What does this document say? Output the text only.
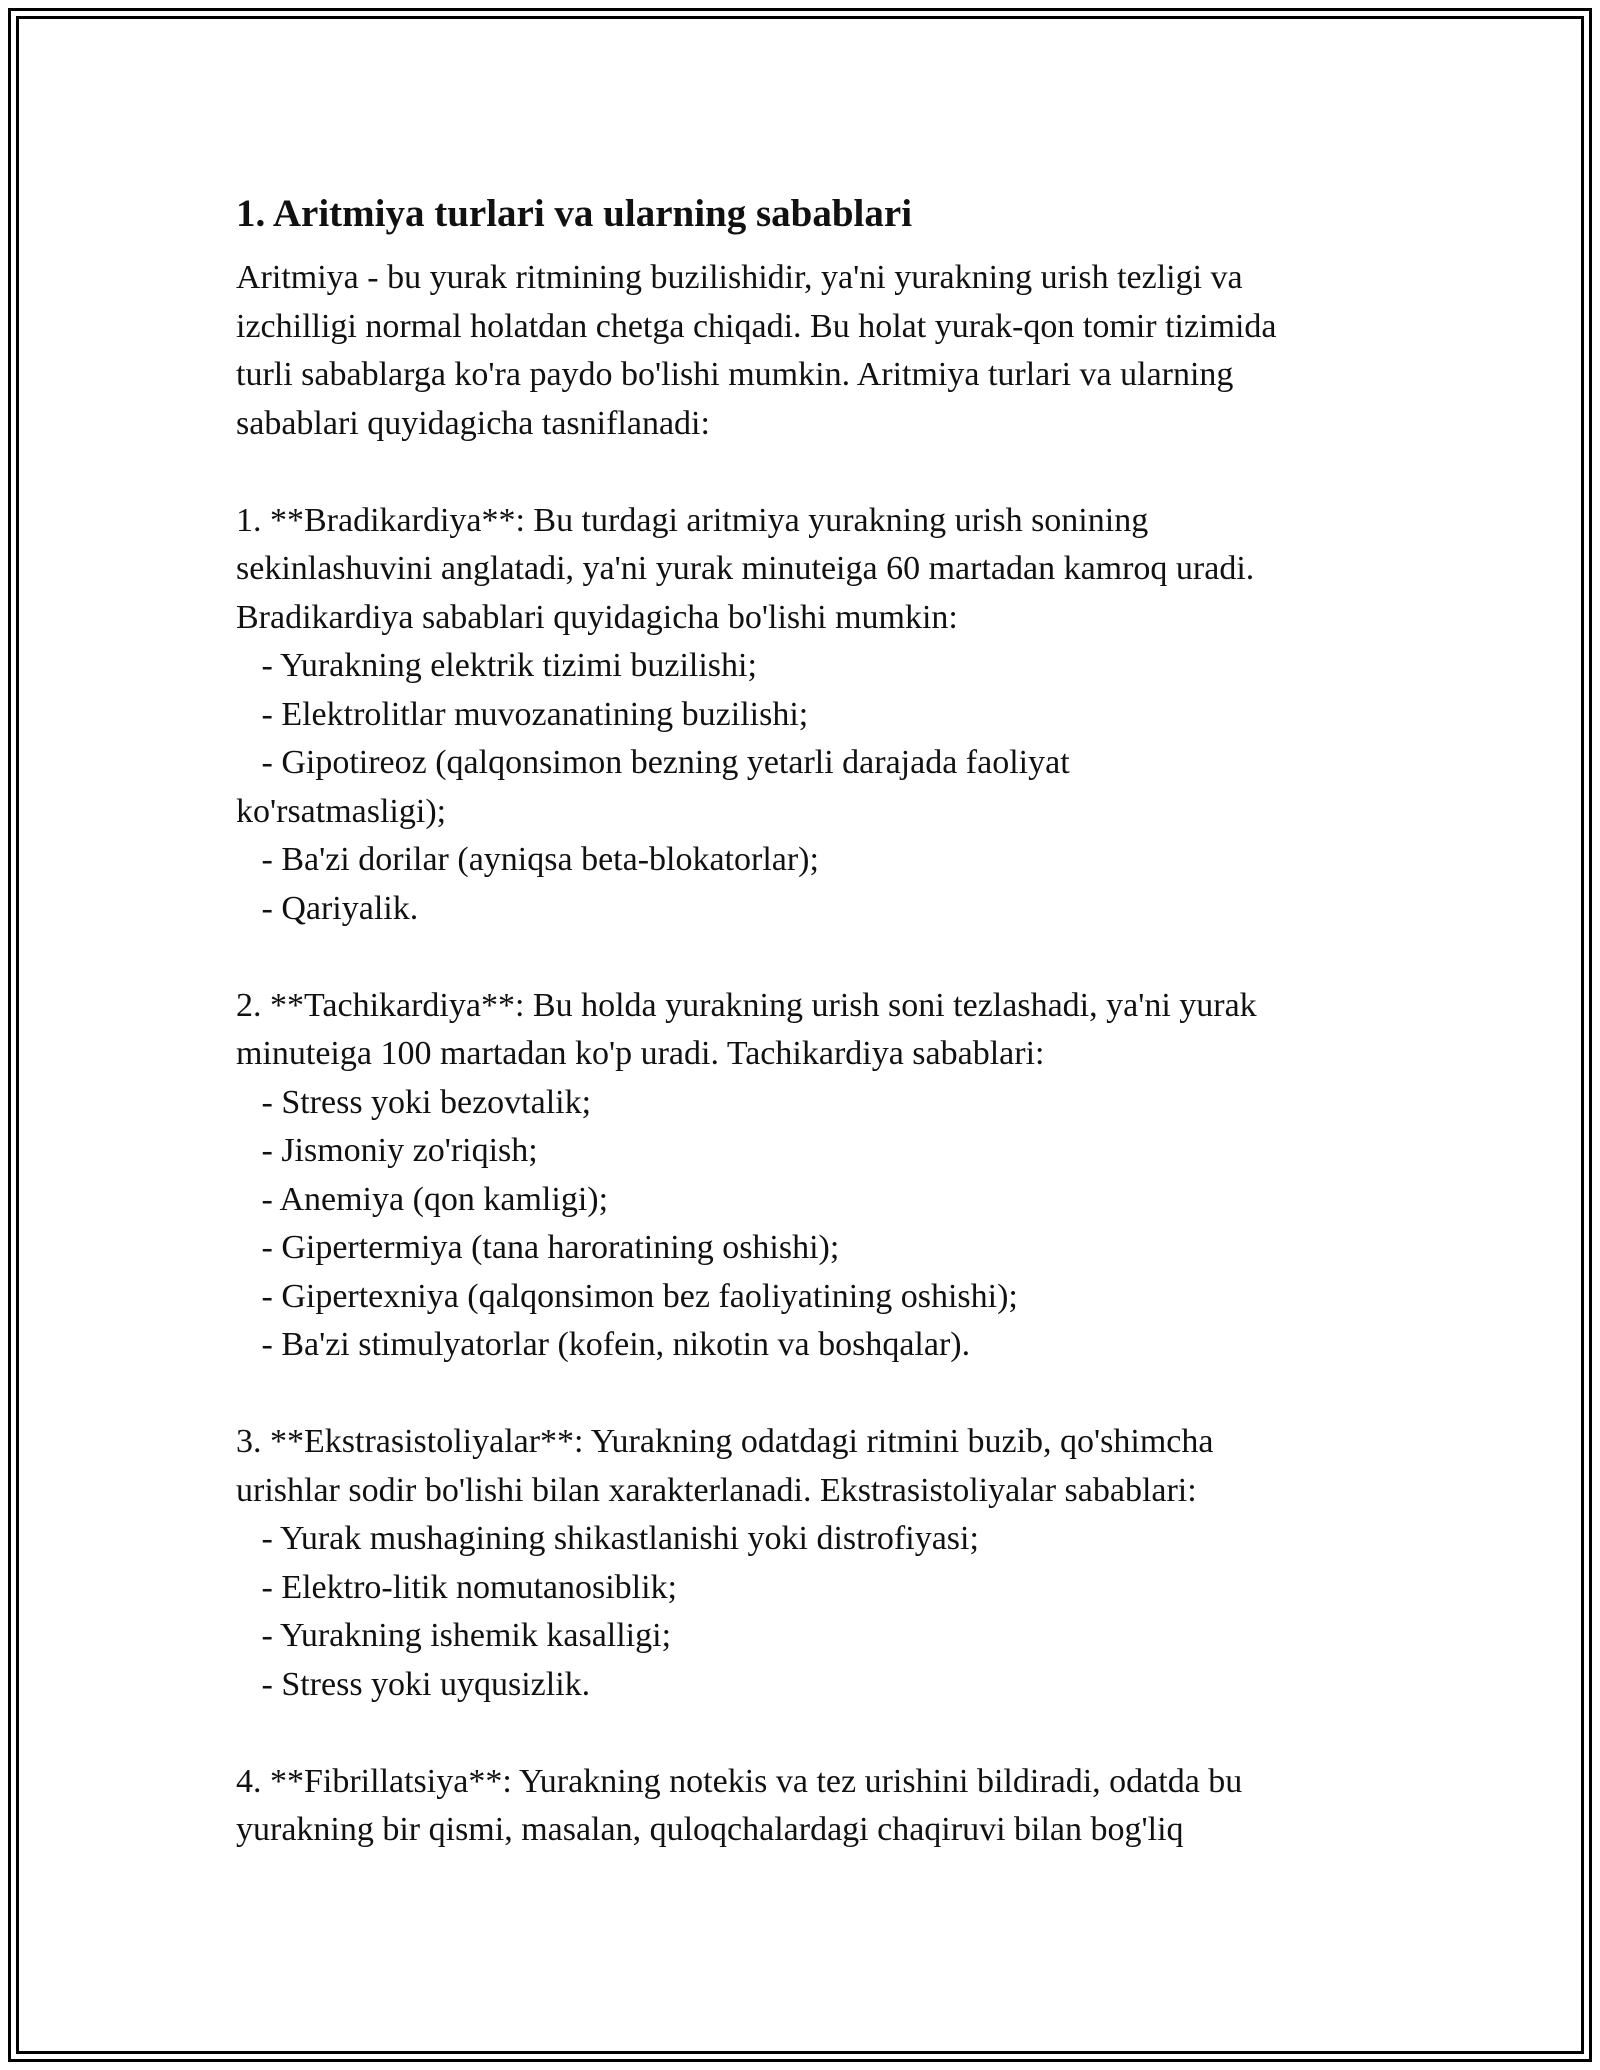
1. Aritmiya turlari va ularning sabablari
Aritmiya - bu yurak ritmining buzilishidir, ya'ni yurakning urish tezligi va
izchilligi normal holatdan chetga chiqadi. Bu holat yurak-qon tomir tizimida
turli sabablarga ko'ra paydo bo'lishi mumkin. Aritmiya turlari va ularning
sabablari quyidagicha tasniflanadi:
1. **Bradikardiya**: Bu turdagi aritmiya yurakning urish sonining
sekinlashuvini anglatadi, ya'ni yurak minuteiga 60 martadan kamroq uradi.
Bradikardiya sabablari quyidagicha bo'lishi mumkin:
- Yurakning elektrik tizimi buzilishi;
- Elektrolitlar muvozanatining buzilishi;
- Gipotireoz (qalqonsimon bezning yetarli darajada faoliyat
ko'rsatmasligi);
- Ba'zi dorilar (ayniqsa beta-blokatorlar);
- Qariyalik.
2. **Tachikardiya**: Bu holda yurakning urish soni tezlashadi, ya'ni yurak
minuteiga 100 martadan ko'p uradi. Tachikardiya sabablari:
- Stress yoki bezovtalik;
- Jismoniy zo'riqish;
- Anemiya (qon kamligi);
- Gipertermiya (tana haroratining oshishi);
- Gipertexniya (qalqonsimon bez faoliyatining oshishi);
- Ba'zi stimulyatorlar (kofein, nikotin va boshqalar).
3. **Ekstrasistoliyalar**: Yurakning odatdagi ritmini buzib, qo'shimcha
urishlar sodir bo'lishi bilan xarakterlanadi. Ekstrasistoliyalar sabablari:
- Yurak mushagining shikastlanishi yoki distrofiyasi;
- Elektro-litik nomutanosiblik;
- Yurakning ishemik kasalligi;
- Stress yoki uyqusizlik.
4. **Fibrillatsiya**: Yurakning notekis va tez urishini bildiradi, odatda bu
yurakning bir qismi, masalan, quloqchalardagi chaqiruvi bilan bog'liq
